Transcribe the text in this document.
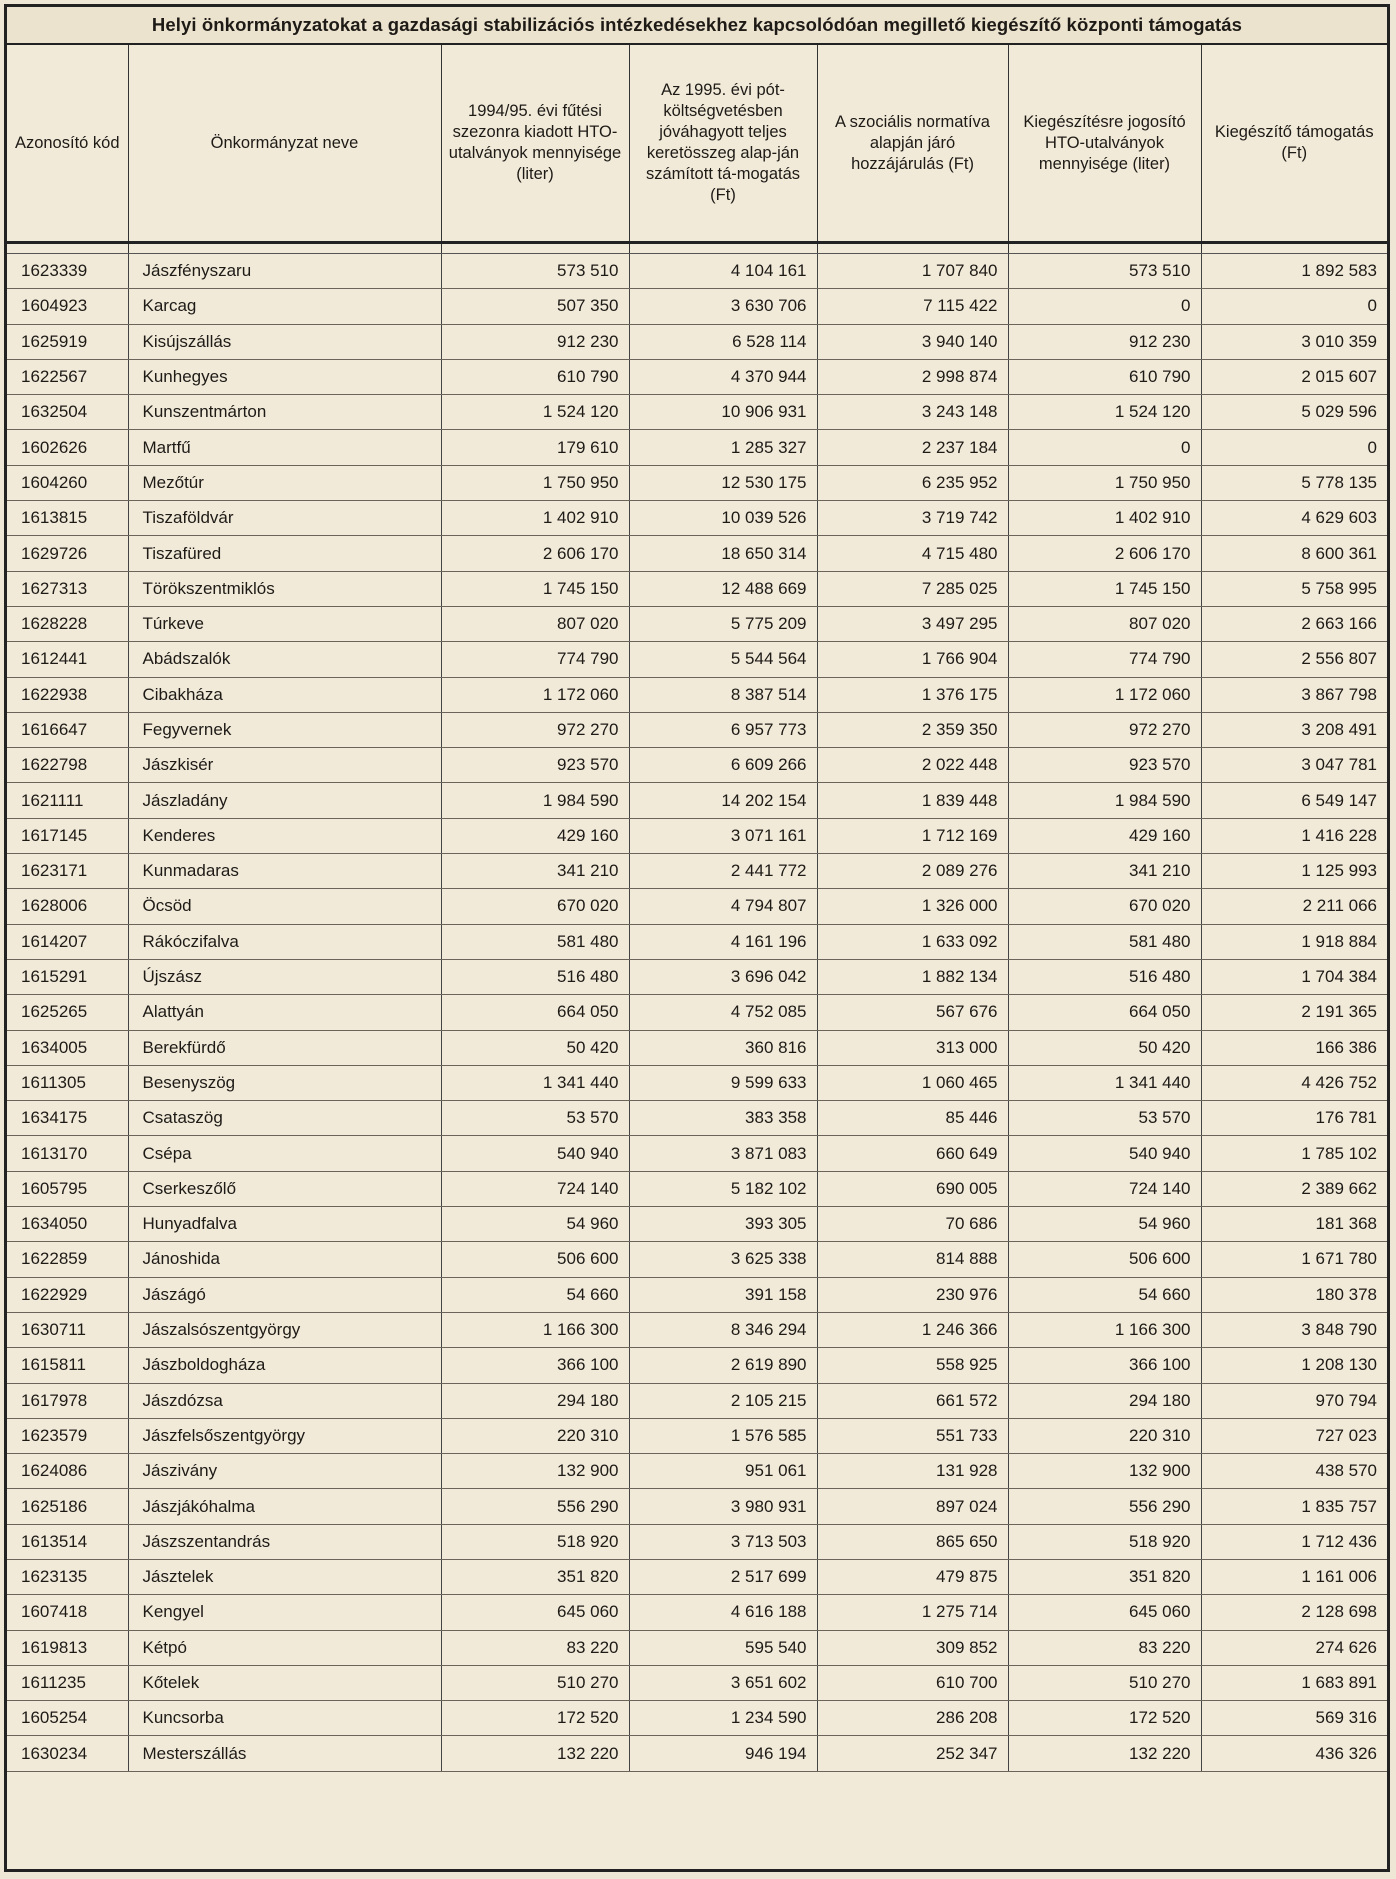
Helyi önkormányzatokat a gazdasági stabilizációs intézkedésekhez kapcsolódóan megillető kiegészítő központi támogatás
Azonosító kód	Önkormányzat neve	1994/95. évi fűtési szezonra kiadott HTO-utalványok mennyisége (liter)	Az 1995. évi pót-költségvetésben jóváhagyott teljes keretösszeg alap-ján számított tá-mogatás (Ft)	A szociális normatíva alapján járó hozzájárulás (Ft)	Kiegészítésre jogosító HTO-utalványok mennyisége (liter)	Kiegészítő támogatás (Ft)

1623339	Jászfényszaru	573 510	4 104 161	1 707 840	573 510	1 892 583
1604923	Karcag	507 350	3 630 706	7 115 422	0	0
1625919	Kisújszállás	912 230	6 528 114	3 940 140	912 230	3 010 359
1622567	Kunhegyes	610 790	4 370 944	2 998 874	610 790	2 015 607
1632504	Kunszentmárton	1 524 120	10 906 931	3 243 148	1 524 120	5 029 596
1602626	Martfű	179 610	1 285 327	2 237 184	0	0
1604260	Mezőtúr	1 750 950	12 530 175	6 235 952	1 750 950	5 778 135
1613815	Tiszaföldvár	1 402 910	10 039 526	3 719 742	1 402 910	4 629 603
1629726	Tiszafüred	2 606 170	18 650 314	4 715 480	2 606 170	8 600 361
1627313	Törökszentmiklós	1 745 150	12 488 669	7 285 025	1 745 150	5 758 995
1628228	Túrkeve	807 020	5 775 209	3 497 295	807 020	2 663 166
1612441	Abádszalók	774 790	5 544 564	1 766 904	774 790	2 556 807
1622938	Cibakháza	1 172 060	8 387 514	1 376 175	1 172 060	3 867 798
1616647	Fegyvernek	972 270	6 957 773	2 359 350	972 270	3 208 491
1622798	Jászkisér	923 570	6 609 266	2 022 448	923 570	3 047 781
1621111	Jászladány	1 984 590	14 202 154	1 839 448	1 984 590	6 549 147
1617145	Kenderes	429 160	3 071 161	1 712 169	429 160	1 416 228
1623171	Kunmadaras	341 210	2 441 772	2 089 276	341 210	1 125 993
1628006	Öcsöd	670 020	4 794 807	1 326 000	670 020	2 211 066
1614207	Rákóczifalva	581 480	4 161 196	1 633 092	581 480	1 918 884
1615291	Újszász	516 480	3 696 042	1 882 134	516 480	1 704 384
1625265	Alattyán	664 050	4 752 085	567 676	664 050	2 191 365
1634005	Berekfürdő	50 420	360 816	313 000	50 420	166 386
1611305	Besenyszög	1 341 440	9 599 633	1 060 465	1 341 440	4 426 752
1634175	Csataszög	53 570	383 358	85 446	53 570	176 781
1613170	Csépa	540 940	3 871 083	660 649	540 940	1 785 102
1605795	Cserkeszőlő	724 140	5 182 102	690 005	724 140	2 389 662
1634050	Hunyadfalva	54 960	393 305	70 686	54 960	181 368
1622859	Jánoshida	506 600	3 625 338	814 888	506 600	1 671 780
1622929	Jászágó	54 660	391 158	230 976	54 660	180 378
1630711	Jászalsószentgyörgy	1 166 300	8 346 294	1 246 366	1 166 300	3 848 790
1615811	Jászboldogháza	366 100	2 619 890	558 925	366 100	1 208 130
1617978	Jászdózsa	294 180	2 105 215	661 572	294 180	970 794
1623579	Jászfelsőszentgyörgy	220 310	1 576 585	551 733	220 310	727 023
1624086	Jászivány	132 900	951 061	131 928	132 900	438 570
1625186	Jászjákóhalma	556 290	3 980 931	897 024	556 290	1 835 757
1613514	Jászszentandrás	518 920	3 713 503	865 650	518 920	1 712 436
1623135	Jásztelek	351 820	2 517 699	479 875	351 820	1 161 006
1607418	Kengyel	645 060	4 616 188	1 275 714	645 060	2 128 698
1619813	Kétpó	83 220	595 540	309 852	83 220	274 626
1611235	Kőtelek	510 270	3 651 602	610 700	510 270	1 683 891
1605254	Kuncsorba	172 520	1 234 590	286 208	172 520	569 316
1630234	Mesterszállás	132 220	946 194	252 347	132 220	436 326
